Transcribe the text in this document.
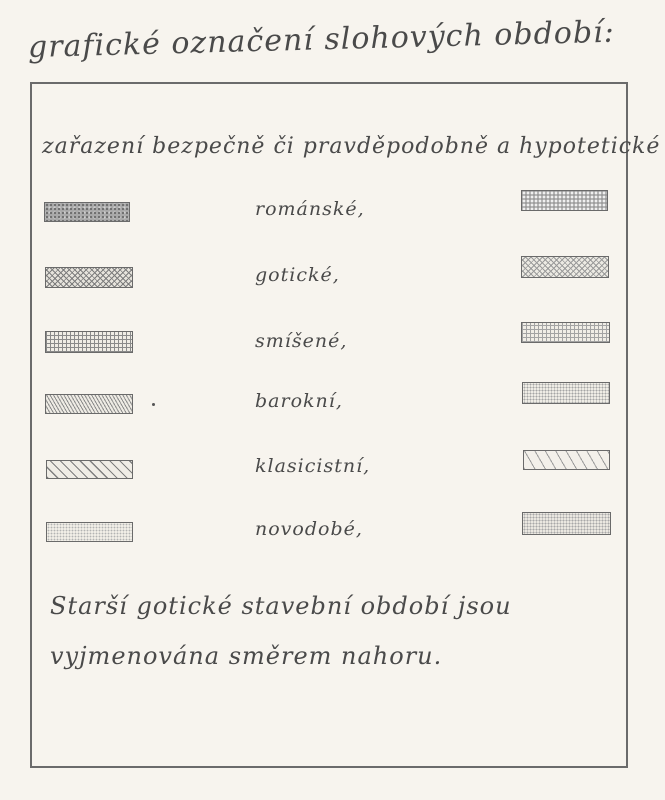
grafické označení slohových období:
zařazení bezpečně či pravděpodobně a hypotetické
románské,
gotické,
smíšené,
barokní,
klasicistní,
novodobé,
Starší gotické stavební období jsou
vyjmenována směrem nahoru.
